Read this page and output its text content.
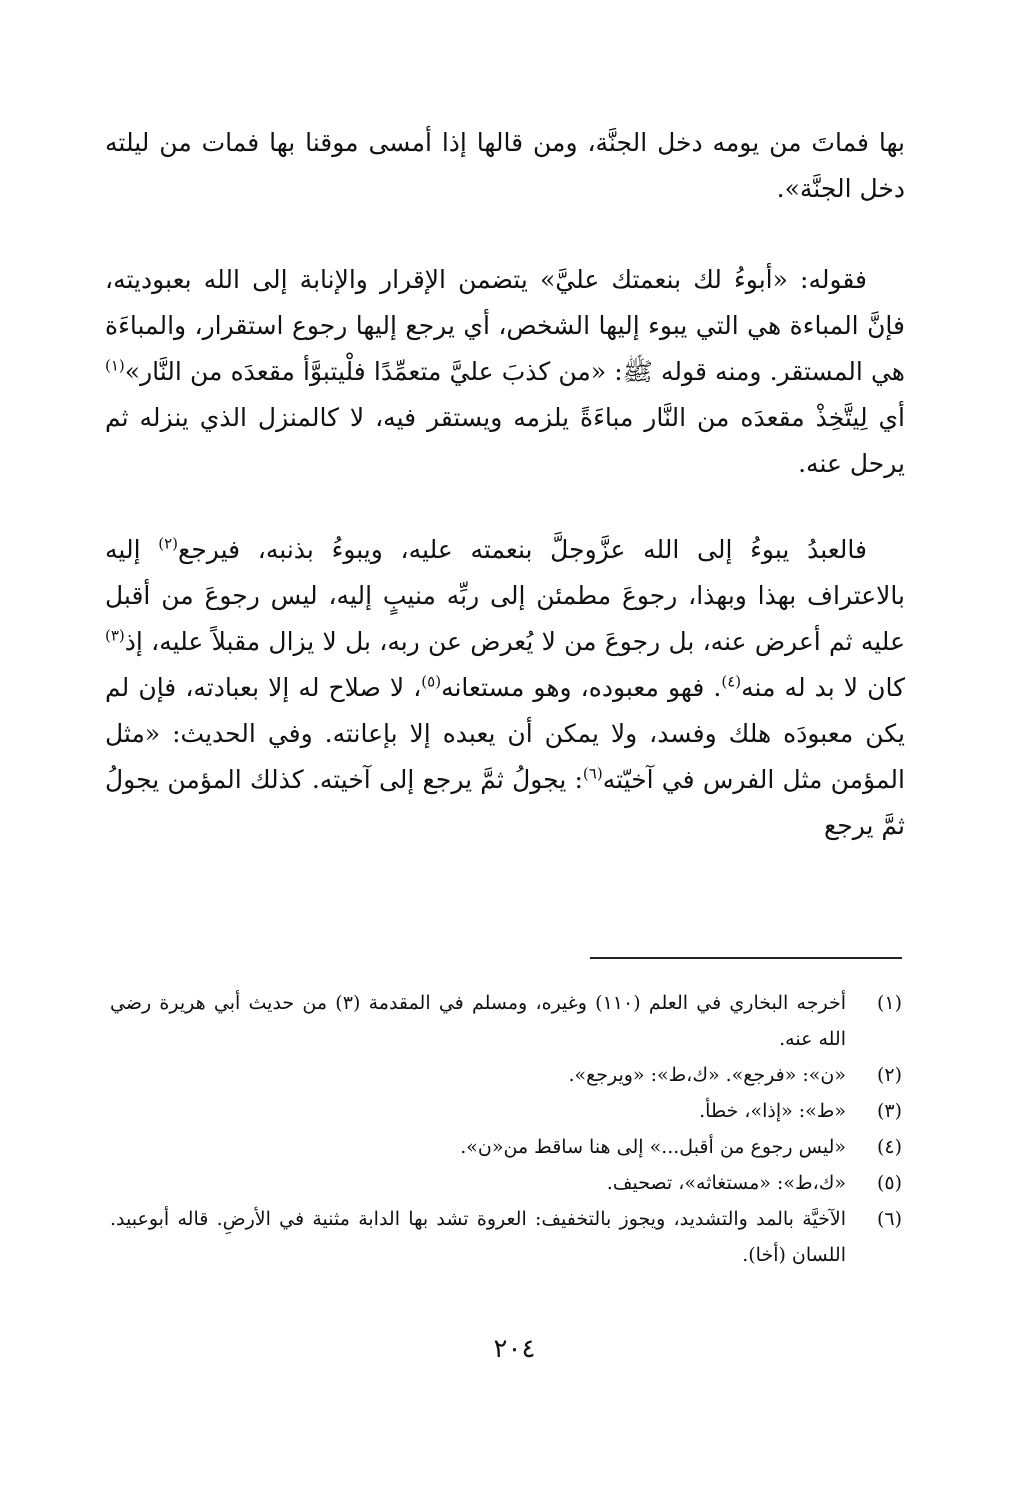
بها فماتَ من يومه دخل الجنَّة، ومن قالها إذا أمسى موقنا بها فمات من ليلته دخل الجنَّة».

فقوله: «أبوءُ لك بنعمتك عليَّ» يتضمن الإقرار والإنابة إلى الله بعبوديته، فإنَّ المباءة هي التي يبوء إليها الشخص، أي يرجع إليها رجوع استقرار، والمباءَة هي المستقر. ومنه قوله ﷺ: «من كذبَ عليَّ متعمِّدًا فلْيتبوَّأ مقعدَه من النَّار»$^{(١)}$ أي لِيتَّخِذْ مقعدَه من النَّار مباءَةً يلزمه ويستقر فيه، لا كالمنزل الذي ينزله ثم يرحل عنه.

فالعبدُ يبوءُ إلى الله عزَّوجلَّ بنعمته عليه، ويبوءُ بذنبه، فيرجع$^{(٢)}$ إليه بالاعتراف بهذا وبهذا، رجوعَ مطمئن إلى ربِّه منيبٍ إليه، ليس رجوعَ من أقبل عليه ثم أعرض عنه، بل رجوعَ من لا يُعرض عن ربه، بل لا يزال مقبلاً عليه، إذ$^{(٣)}$ كان لا بد له منه$^{(٤)}$. فهو معبوده، وهو مستعانه$^{(٥)}$، لا صلاح له إلا بعبادته، فإن لم يكن معبودَه هلك وفسد، ولا يمكن أن يعبده إلا بإعانته. وفي الحديث: «مثل المؤمن مثل الفرس في آخيّته$^{(٦)}$: يجولُ ثمَّ يرجع إلى آخيته. كذلك المؤمن يجولُ ثمَّ يرجع

(١)
أخرجه البخاري في العلم (١١٠) وغيره، ومسلم في المقدمة (٣) من حديث أبي هريرة رضي الله عنه.
(٢)
«ن»: «فرجع». «ك،ط»: «ويرجع».
(٣)
«ط»: «إذا»، خطأ.
(٤)
«ليس رجوع من أقبل...» إلى هنا ساقط من«ن».
(٥)
«ك،ط»: «مستغاثه»، تصحيف.
(٦)
الآخيَّة بالمد والتشديد، ويجوز بالتخفيف: العروة تشد بها الدابة مثنية في الأرضِ. قاله أبوعبيد. اللسان (أخا).
٢٠٤
